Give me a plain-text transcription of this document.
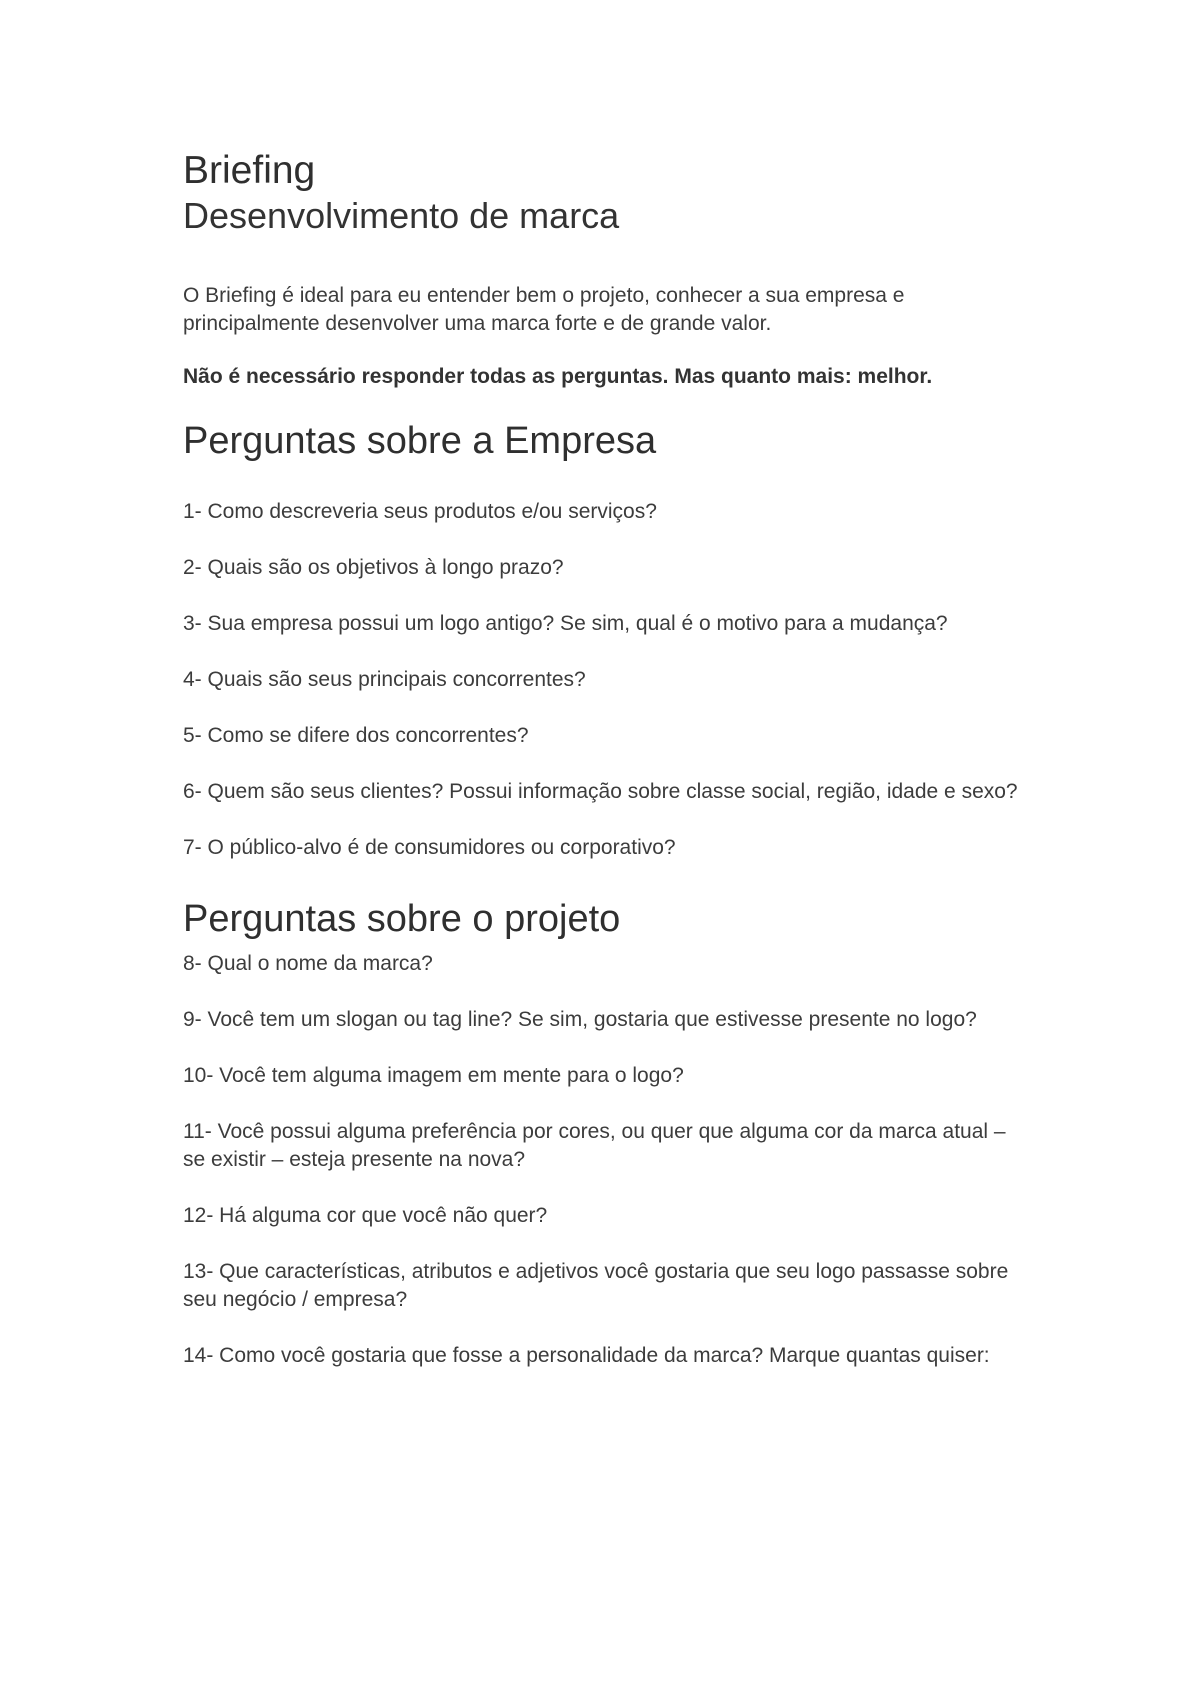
Briefing
Desenvolvimento de marca

O Briefing é ideal para eu entender bem o projeto, conhecer a sua empresa e principalmente desenvolver uma marca forte e de grande valor.

Não é necessário responder todas as perguntas. Mas quanto mais: melhor.

Perguntas sobre a Empresa

1- Como descreveria seus produtos e/ou serviços?

2- Quais são os objetivos à longo prazo?

3- Sua empresa possui um logo antigo? Se sim, qual é o motivo para a mudança?

4- Quais são seus principais concorrentes?

5- Como se difere dos concorrentes?

6- Quem são seus clientes? Possui informação sobre classe social, região, idade e sexo?

7- O público-alvo é de consumidores ou corporativo?

Perguntas sobre o projeto

8- Qual o nome da marca?

9- Você tem um slogan ou tag line? Se sim, gostaria que estivesse presente no logo?

10- Você tem alguma imagem em mente para o logo?

11- Você possui alguma preferência por cores, ou quer que alguma cor da marca atual – se existir – esteja presente na nova?

12- Há alguma cor que você não quer?

13- Que características, atributos e adjetivos você gostaria que seu logo passasse sobre seu negócio / empresa?

14- Como você gostaria que fosse a personalidade da marca? Marque quantas quiser:
